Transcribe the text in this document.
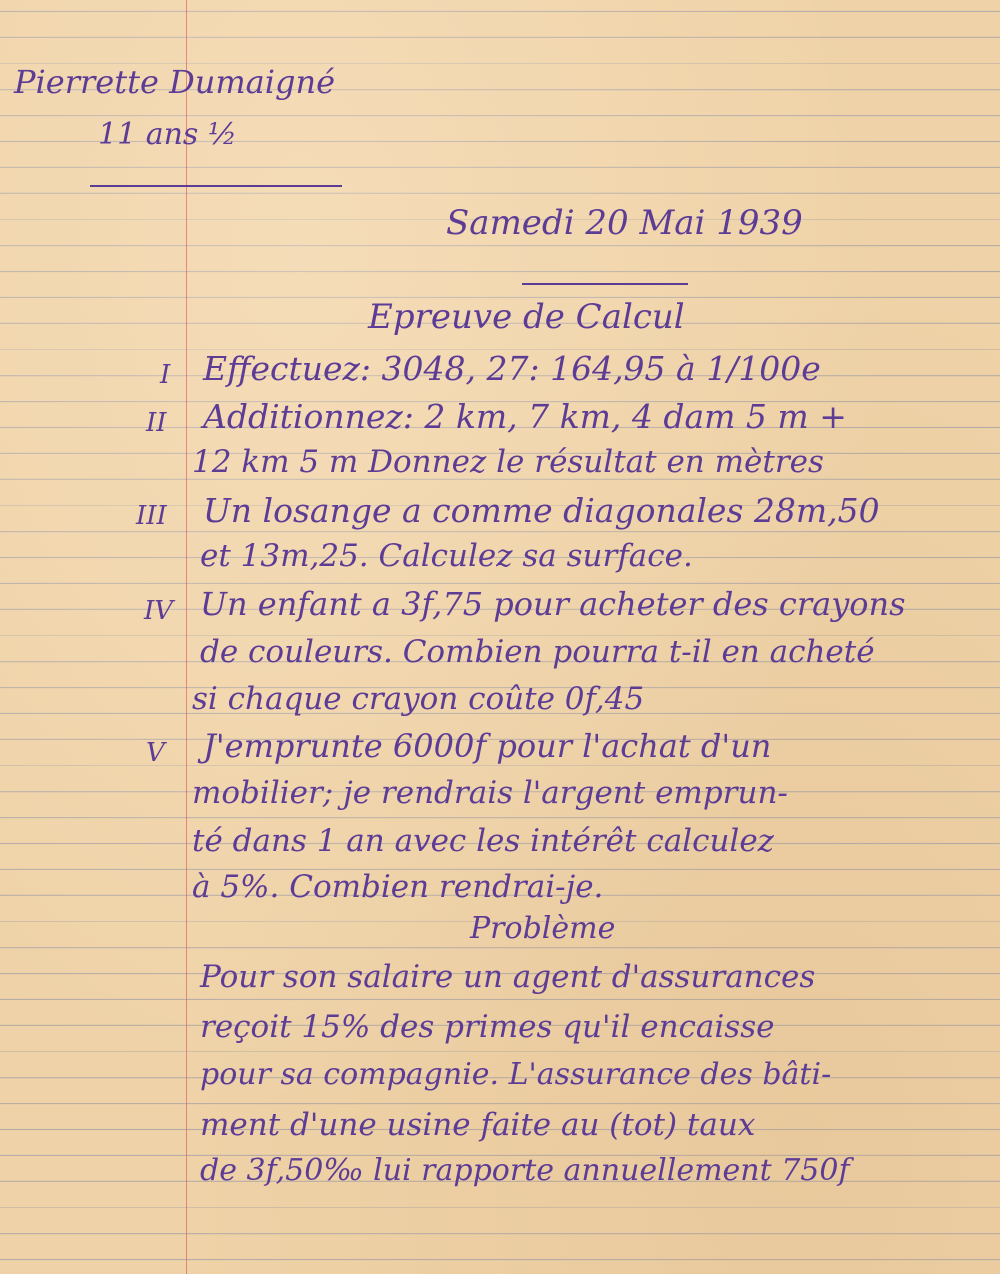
Pierrette Dumaigné

11 ans ½

Samedi 20 Mai 1939

Epreuve de Calcul

I Effectuez: 3048, 27: 164,95 à 1/100e

II Additionnez: 2 km, 7 km, 4 dam 5 m +

12 km 5 m Donnez le résultat en mètres

III Un losange a comme diagonales 28m,50

et 13m,25. Calculez sa surface.

IV Un enfant a 3f,75 pour acheter des crayons

de couleurs. Combien pourra t-il en acheté

si chaque crayon coûte 0f,45

V J'emprunte 6000f pour l'achat d'un

mobilier; je rendrais l'argent emprun-

té dans 1 an avec les intérêt calculez

à 5%. Combien rendrai-je.

Problème

Pour son salaire un agent d'assurances

reçoit 15% des primes qu'il encaisse

pour sa compagnie. L'assurance des bâti-

ment d'une usine faite au (tot) taux

de 3f,50‰ lui rapporte annuellement 750f
